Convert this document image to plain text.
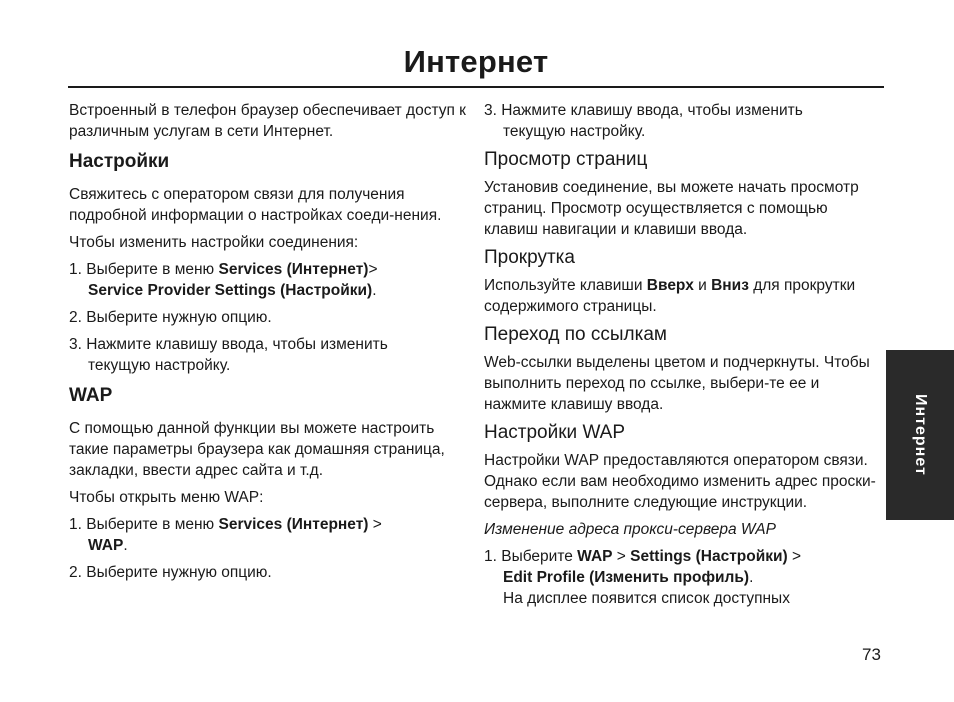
Интернет
Встроенный в телефон браузер обеспечивает доступ к различным услугам в сети Интернет.
Настройки
Свяжитесь с оператором связи для получения подробной информации о настройках соеди-нения.
Чтобы изменить настройки соединения:
1. Выберите в меню Services (Интернет)>
Service Provider Settings (Настройки).
2. Выберите нужную опцию.
3. Нажмите клавишу ввода, чтобы изменить
текущую настройку.
WAP
С помощью данной функции вы можете настроить такие параметры браузера как домашняя страница, закладки, ввести адрес сайта и т.д.
Чтобы открыть меню WAP:
1. Выберите в меню Services (Интернет) >
WAP.
2. Выберите нужную опцию.
3. Нажмите клавишу ввода, чтобы изменить
текущую настройку.
Просмотр страниц
Установив соединение, вы можете начать просмотр страниц. Просмотр осуществляется с помощью клавиш навигации и клавиши ввода.
Прокрутка
Используйте клавиши Вверх и Вниз для прокрутки содержимого страницы.
Переход по ссылкам
Web-ссылки выделены цветом и подчеркнуты. Чтобы выполнить переход по ссылке, выбери-те ее и нажмите клавишу ввода.
Настройки WAP
Настройки WAP предоставляются оператором связи. Однако если вам необходимо изменить адрес проски-сервера, выполните следующие инструкции.
Изменение адреса прокси-сервера WAP
1. Выберите WAP > Settings (Настройки) >
Edit Profile (Изменить профиль).
На дисплее появится список доступных
Интернет
73
